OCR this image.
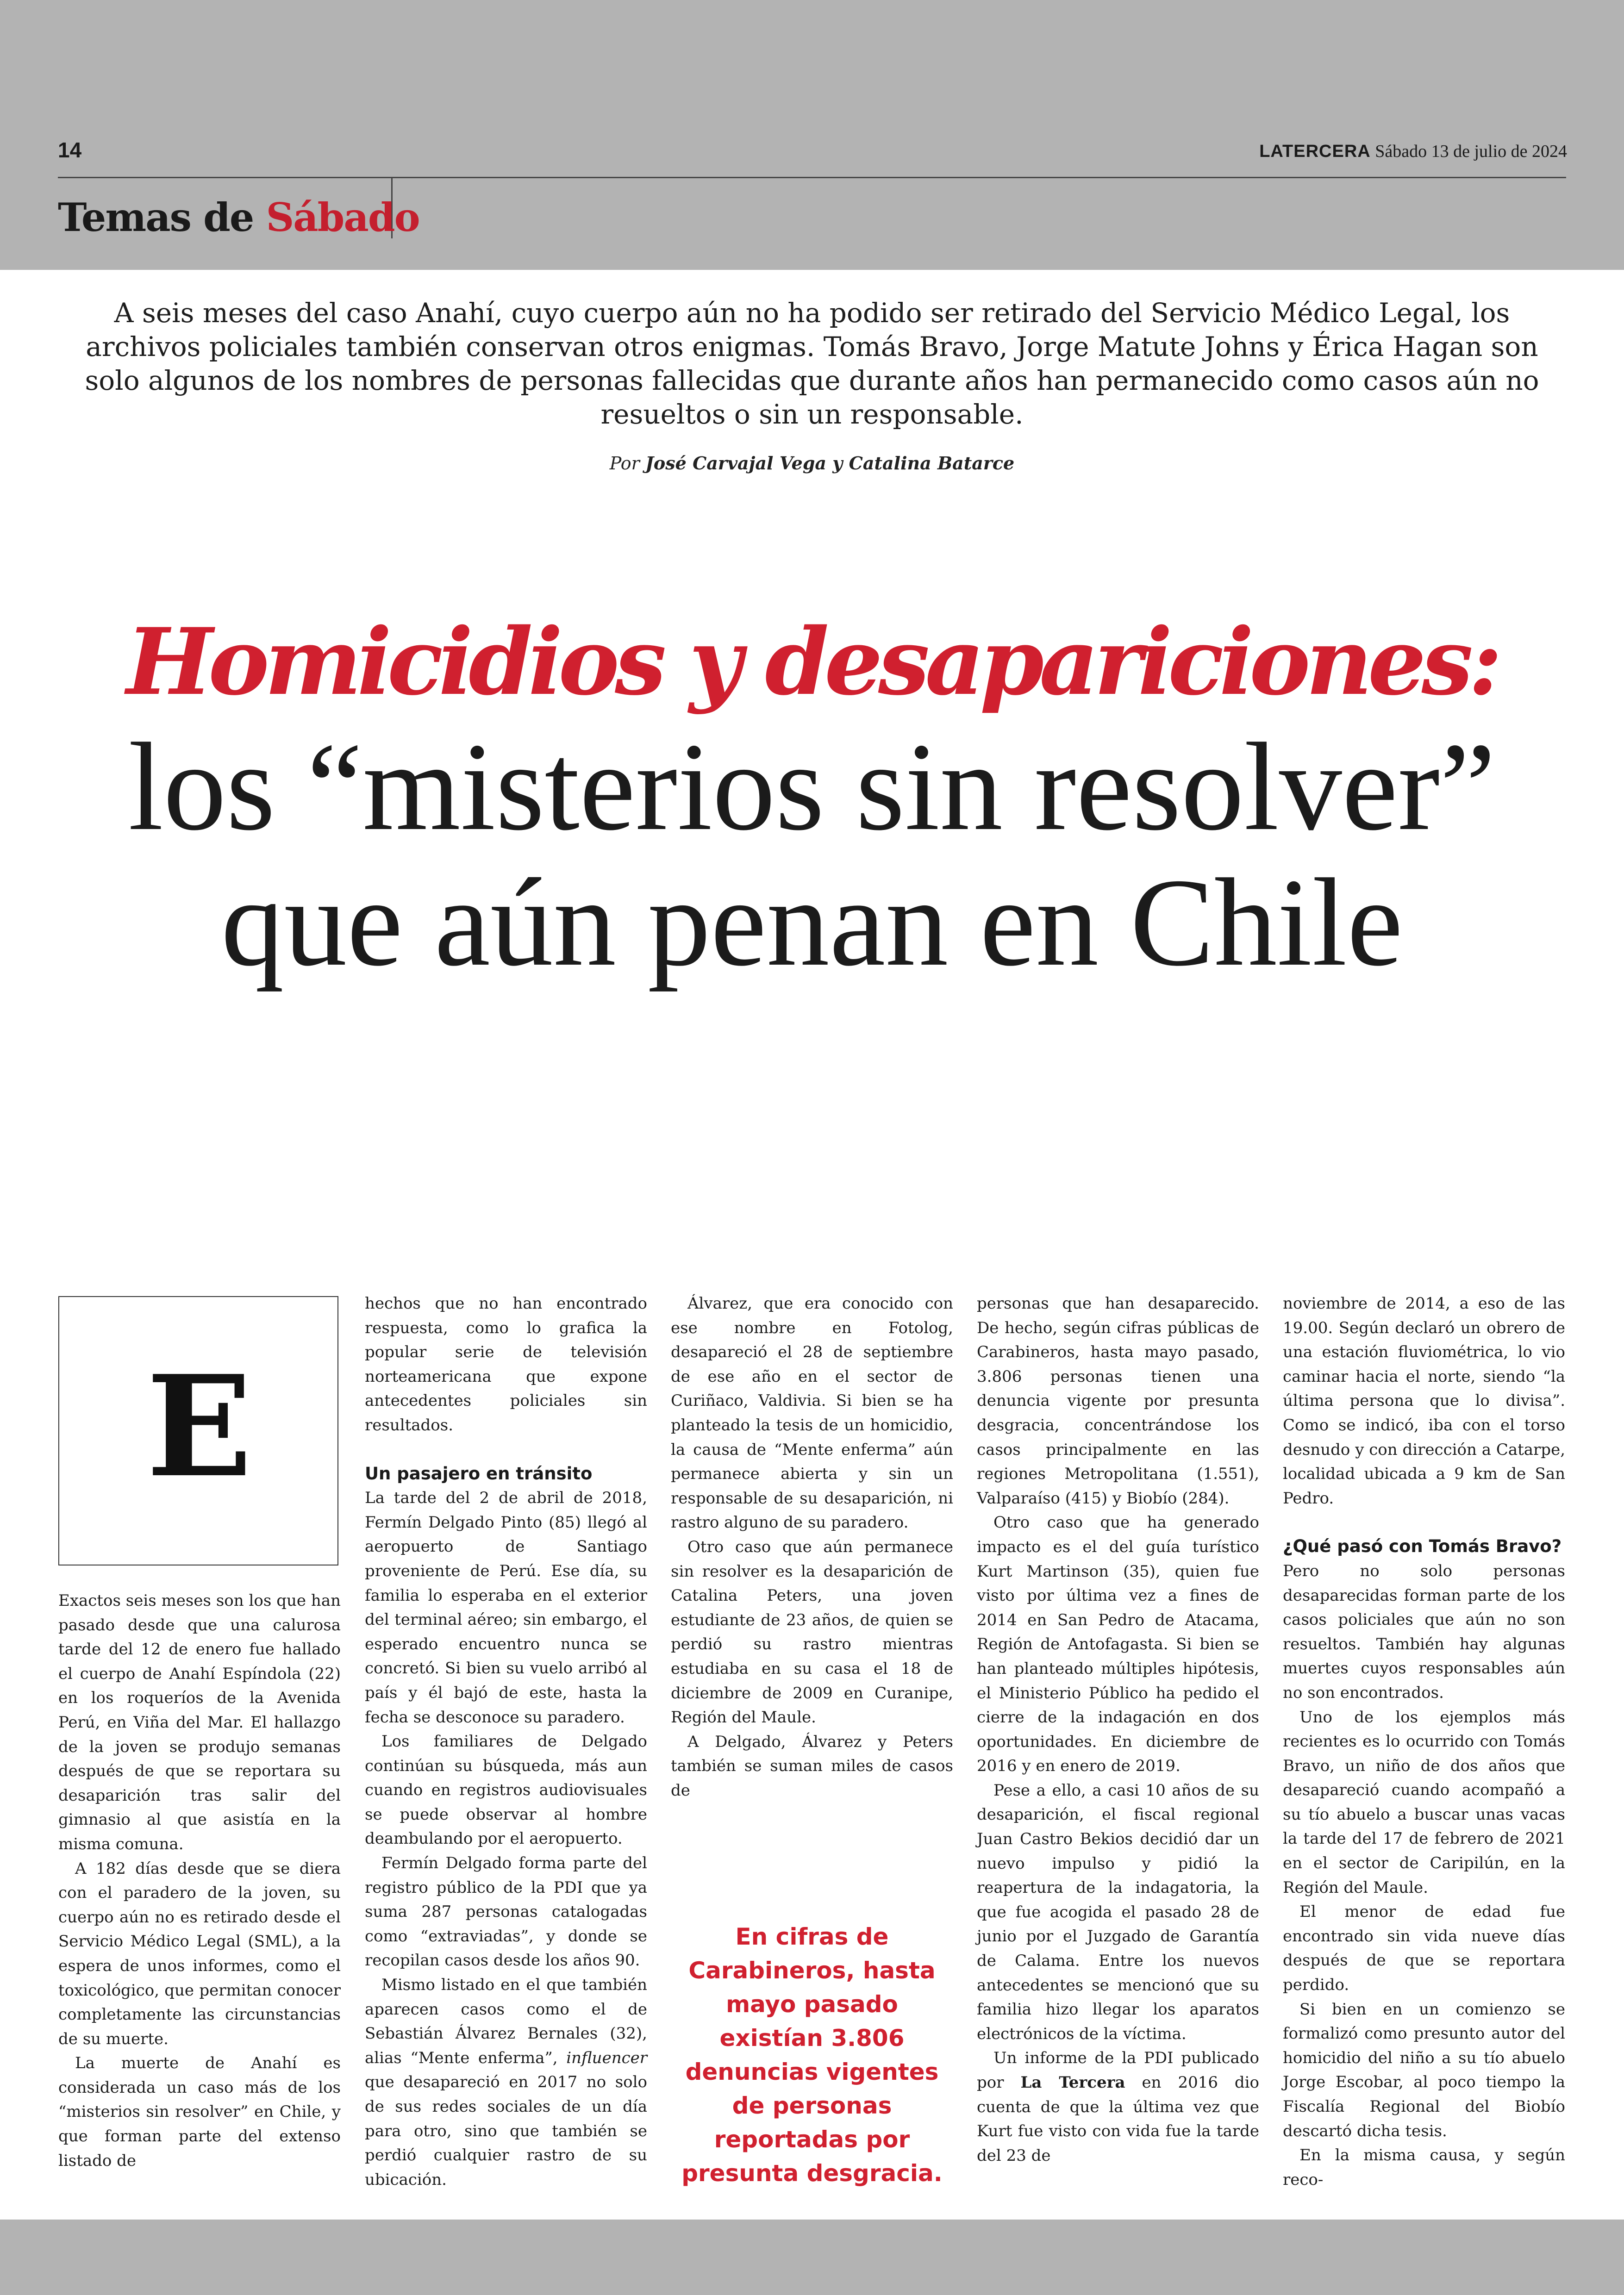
14	LATERCERA Sábado 13 de julio de 2024
Temas de Sábado
A seis meses del caso Anahí, cuyo cuerpo aún no ha podido ser retirado del Servicio Médico Legal, los archivos policiales también conservan otros enigmas. Tomás Bravo, Jorge Matute Johns y Érica Hagan son solo algunos de los nombres de personas fallecidas que durante años han permanecido como casos aún no resueltos o sin un responsable.
Por José Carvajal Vega y Catalina Batarce
Homicidios y desapariciones:
los “misterios sin resolver”
que aún penan en Chile
E

Exactos seis meses son los que han pasado desde que una calurosa tarde del 12 de enero fue hallado el cuerpo de Anahí Espíndola (22) en los roqueríos de la Avenida Perú, en Viña del Mar. El hallazgo de la joven se produjo semanas después de que se reportara su desaparición tras salir del gimnasio al que asistía en la misma comuna.

A 182 días desde que se diera con el paradero de la joven, su cuerpo aún no es retirado desde el Servicio Médico Legal (SML), a la espera de unos informes, como el toxicológico, que permitan conocer completamente las circunstancias de su muerte.

La muerte de Anahí es considerada un caso más de los “misterios sin resolver” en Chile, y que forman parte del extenso listado de

hechos que no han encontrado respuesta, como lo grafica la popular serie de televisión norteamericana que expone antecedentes policiales sin resultados.

Un pasajero en tránsito

La tarde del 2 de abril de 2018, Fermín Delgado Pinto (85) llegó al aeropuerto de Santiago proveniente de Perú. Ese día, su familia lo esperaba en el exterior del terminal aéreo; sin embargo, el esperado encuentro nunca se concretó. Si bien su vuelo arribó al país y él bajó de este, hasta la fecha se desconoce su paradero.

Los familiares de Delgado continúan su búsqueda, más aun cuando en registros audiovisuales se puede observar al hombre deambulando por el aeropuerto.

Fermín Delgado forma parte del registro público de la PDI que ya suma 287 personas catalogadas como “extraviadas”, y donde se recopilan casos desde los años 90.

Mismo listado en el que también aparecen casos como el de Sebastián Álvarez Bernales (32), alias “Mente enferma”, influencer que desapareció en 2017 no solo de sus redes sociales de un día para otro, sino que también se perdió cualquier rastro de su ubicación.

Álvarez, que era conocido con ese nombre en Fotolog, desapareció el 28 de septiembre de ese año en el sector de Curiñaco, Valdivia. Si bien se ha planteado la tesis de un homicidio, la causa de “Mente enferma” aún permanece abierta y sin un responsable de su desaparición, ni rastro alguno de su paradero.

Otro caso que aún permanece sin resolver es la desaparición de Catalina Peters, una joven estudiante de 23 años, de quien se perdió su rastro mientras estudiaba en su casa el 18 de diciembre de 2009 en Curanipe, Región del Maule.

A Delgado, Álvarez y Peters también se suman miles de casos de

En cifras de Carabineros, hasta mayo pasado existían 3.806 denuncias vigentes de personas reportadas por presunta desgracia.

personas que han desaparecido. De hecho, según cifras públicas de Carabineros, hasta mayo pasado, 3.806 personas tienen una denuncia vigente por presunta desgracia, concentrándose los casos principalmente en las regiones Metropolitana (1.551), Valparaíso (415) y Biobío (284).

Otro caso que ha generado impacto es el del guía turístico Kurt Martinson (35), quien fue visto por última vez a fines de 2014 en San Pedro de Atacama, Región de Antofagasta. Si bien se han planteado múltiples hipótesis, el Ministerio Público ha pedido el cierre de la indagación en dos oportunidades. En diciembre de 2016 y en enero de 2019.

Pese a ello, a casi 10 años de su desaparición, el fiscal regional Juan Castro Bekios decidió dar un nuevo impulso y pidió la reapertura de la indagatoria, la que fue acogida el pasado 28 de junio por el Juzgado de Garantía de Calama. Entre los nuevos antecedentes se mencionó que su familia hizo llegar los aparatos electrónicos de la víctima.

Un informe de la PDI publicado por La Tercera en 2016 dio cuenta de que la última vez que Kurt fue visto con vida fue la tarde del 23 de

noviembre de 2014, a eso de las 19.00. Según declaró un obrero de una estación fluviométrica, lo vio caminar hacia el norte, siendo “la última persona que lo divisa”. Como se indicó, iba con el torso desnudo y con dirección a Catarpe, localidad ubicada a 9 km de San Pedro.

¿Qué pasó con Tomás Bravo?

Pero no solo personas desaparecidas forman parte de los casos policiales que aún no son resueltos. También hay algunas muertes cuyos responsables aún no son encontrados.

Uno de los ejemplos más recientes es lo ocurrido con Tomás Bravo, un niño de dos años que desapareció cuando acompañó a su tío abuelo a buscar unas vacas la tarde del 17 de febrero de 2021 en el sector de Caripilún, en la Región del Maule.

El menor de edad fue encontrado sin vida nueve días después de que se reportara perdido.

Si bien en un comienzo se formalizó como presunto autor del homicidio del niño a su tío abuelo Jorge Escobar, al poco tiempo la Fiscalía Regional del Biobío descartó dicha tesis.

En la misma causa, y según reco-
